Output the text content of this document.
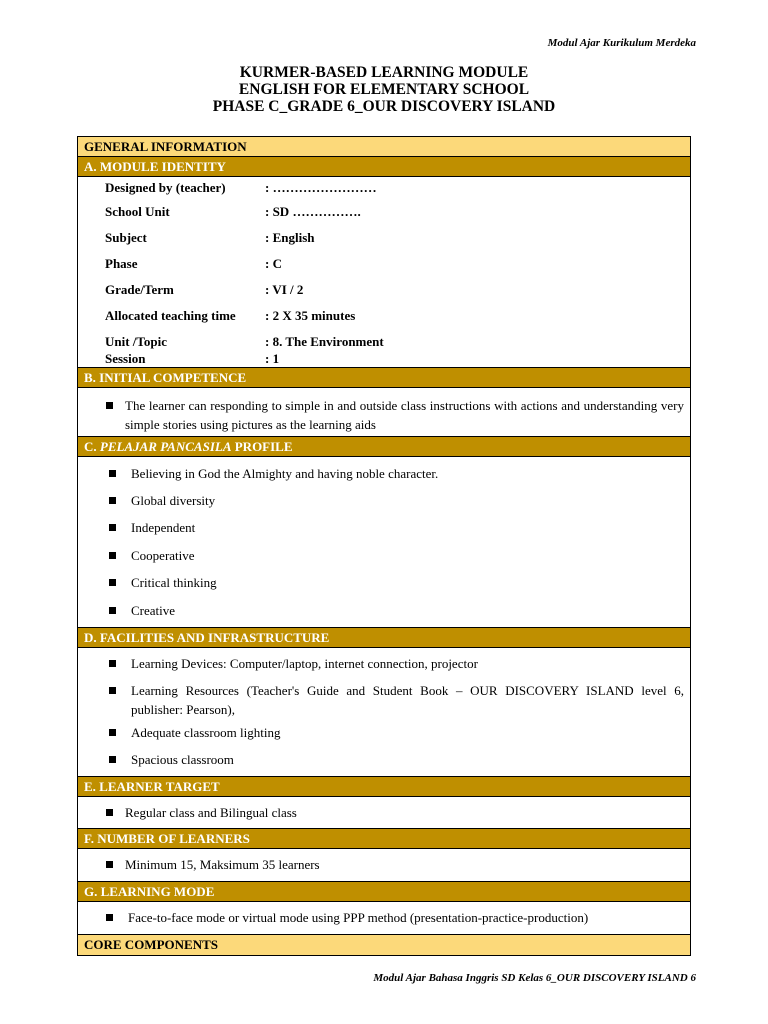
Modul Ajar Kurikulum Merdeka
KURMER-BASED LEARNING MODULE
ENGLISH FOR ELEMENTARY SCHOOL
PHASE C_GRADE 6_OUR DISCOVERY ISLAND
GENERAL INFORMATION
A. MODULE IDENTITY
Designed by (teacher)	: ……………………
School Unit	: SD …………….
Subject	: English
Phase	: C
Grade/Term	: VI / 2
Allocated teaching time : 2 X 35 minutes
Unit /Topic	: 8. The Environment
Session	: 1
B. INITIAL COMPETENCE
The learner can responding to simple in and outside class instructions with actions and understanding very simple stories using pictures as the learning aids
C. PELAJAR PANCASILA PROFILE
Believing in God the Almighty and having noble character.
Global diversity
Independent
Cooperative
Critical thinking
Creative
D. FACILITIES AND INFRASTRUCTURE
Learning Devices: Computer/laptop, internet connection, projector
Learning Resources (Teacher's Guide and Student Book – OUR DISCOVERY ISLAND level 6, publisher: Pearson),
Adequate classroom lighting
Spacious classroom
E. LEARNER TARGET
Regular class and Bilingual class
F. NUMBER OF LEARNERS
Minimum 15, Maksimum 35 learners
G. LEARNING MODE
Face-to-face mode or virtual mode using PPP method (presentation-practice-production)
CORE COMPONENTS
Modul Ajar Bahasa Inggris SD Kelas 6_OUR DISCOVERY ISLAND 6
